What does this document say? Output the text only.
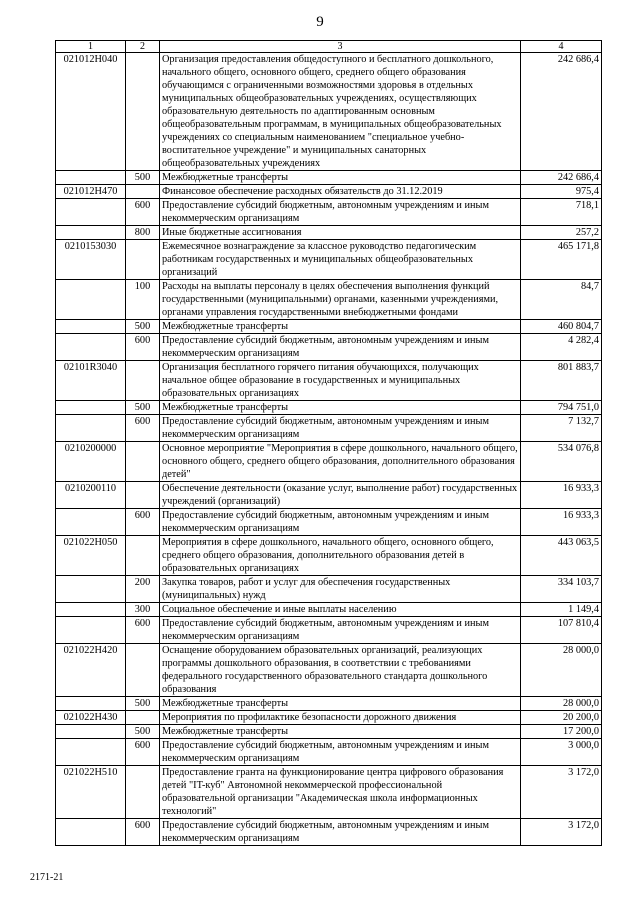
9
1	2	3	4
021012Н040		Организация предоставления общедоступного и бесплатного дошкольного, начального общего, основного общего, среднего общего образования обучающимся с ограниченными возможностями здоровья в отдельных муниципальных общеобразовательных учреждениях, осуществляющих образовательную деятельность по адаптированным основным общеобразовательным программам, в муниципальных общеобразовательных учреждениях со специальным наименованием "специальное учебно-воспитательное учреждение" и муниципальных санаторных общеобразовательных учреждениях	242 686,4
	500	Межбюджетные трансферты	242 686,4
021012Н470		Финансовое обеспечение расходных обязательств до 31.12.2019	975,4
	600	Предоставление субсидий бюджетным, автономным учреждениям и иным некоммерческим организациям	718,1
	800	Иные бюджетные ассигнования	257,2
0210153030		Ежемесячное вознаграждение за классное руководство педагогическим работникам государственных и муниципальных общеобразовательных организаций	465 171,8
	100	Расходы на выплаты персоналу в целях обеспечения выполнения функций государственными (муниципальными) органами, казенными учреждениями, органами управления государственными внебюджетными фондами	84,7
	500	Межбюджетные трансферты	460 804,7
	600	Предоставление субсидий бюджетным, автономным учреждениям и иным некоммерческим организациям	4 282,4
02101R3040		Организация бесплатного горячего питания обучающихся, получающих начальное общее образование в государственных и муниципальных образовательных организациях	801 883,7
	500	Межбюджетные трансферты	794 751,0
	600	Предоставление субсидий бюджетным, автономным учреждениям и иным некоммерческим организациям	7 132,7
0210200000		Основное мероприятие "Мероприятия в сфере дошкольного, начального общего, основного общего, среднего общего образования, дополнительного образования детей"	534 076,8
0210200110		Обеспечение деятельности (оказание услуг, выполнение работ) государственных учреждений (организаций)	16 933,3
	600	Предоставление субсидий бюджетным, автономным учреждениям и иным некоммерческим организациям	16 933,3
021022Н050		Мероприятия в сфере дошкольного, начального общего, основного общего, среднего общего образования, дополнительного образования детей в образовательных организациях	443 063,5
	200	Закупка товаров, работ и услуг для обеспечения государственных (муниципальных) нужд	334 103,7
	300	Социальное обеспечение и иные выплаты населению	1 149,4
	600	Предоставление субсидий бюджетным, автономным учреждениям и иным некоммерческим организациям	107 810,4
021022Н420		Оснащение оборудованием образовательных организаций, реализующих программы дошкольного образования, в соответствии с требованиями федерального государственного образовательного стандарта дошкольного образования	28 000,0
	500	Межбюджетные трансферты	28 000,0
021022Н430		Мероприятия по профилактике безопасности дорожного движения	20 200,0
	500	Межбюджетные трансферты	17 200,0
	600	Предоставление субсидий бюджетным, автономным учреждениям и иным некоммерческим организациям	3 000,0
021022Н510		Предоставление гранта на функционирование центра цифрового образования детей "IT-куб" Автономной некоммерческой профессиональной образовательной организации "Академическая школа информационных технологий"	3 172,0
	600	Предоставление субсидий бюджетным, автономным учреждениям и иным некоммерческим организациям	3 172,0
2171-21
